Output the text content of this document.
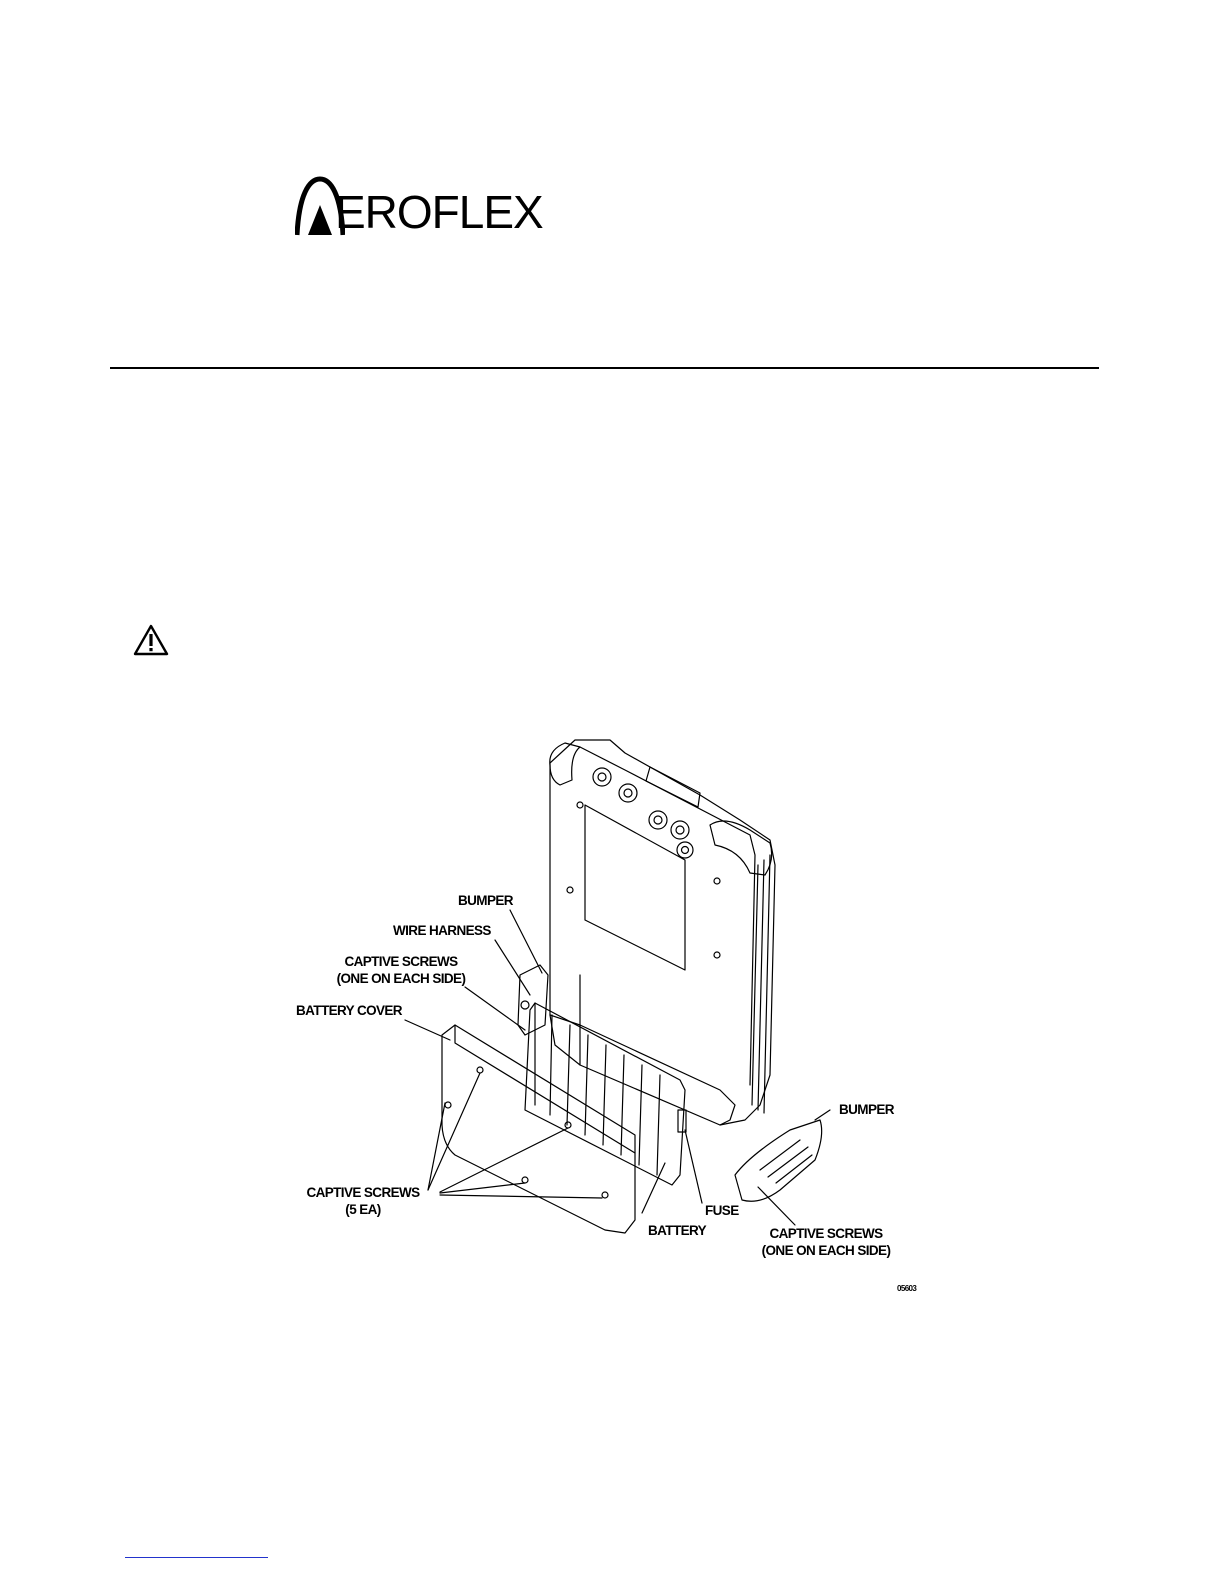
EROFLEX
BUMPER
WIRE HARNESS
CAPTIVE SCREWS
(ONE ON EACH SIDE)
BATTERY COVER
CAPTIVE SCREWS
(5 EA)
BATTERY
FUSE
BUMPER
CAPTIVE SCREWS
(ONE ON EACH SIDE)
05603
